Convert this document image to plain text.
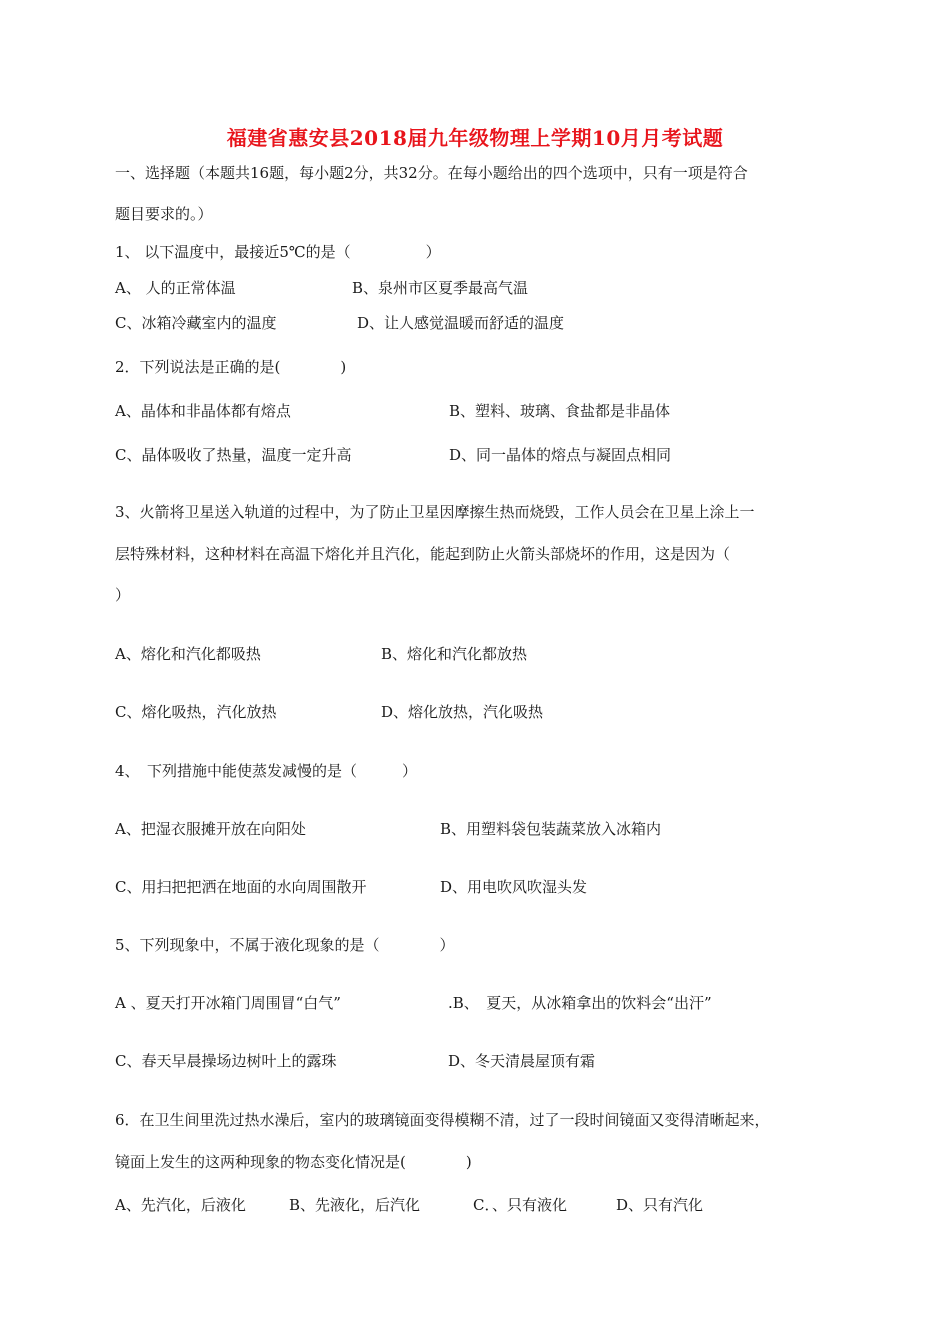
福建省惠安县2018届九年级物理上学期10月月考试题
一、选择题（本题共16题，每小题2分，共32分。在每小题给出的四个选项中，只有一项是符合
题目要求的。）
1、 以下温度中，最接近5℃的是（　　　　　）
A、 人的正常体温	B、泉州市区夏季最高气温
C、冰箱冷藏室内的温度	D、让人感觉温暖而舒适的温度
2．下列说法是正确的是(　　　　)
A、晶体和非晶体都有熔点	B、塑料、玻璃、食盐都是非晶体
C、晶体吸收了热量，温度一定升高	D、同一晶体的熔点与凝固点相同
3、火箭将卫星送入轨道的过程中，为了防止卫星因摩擦生热而烧毁，工作人员会在卫星上涂上一
层特殊材料，这种材料在高温下熔化并且汽化，能起到防止火箭头部烧坏的作用，这是因为（
）
A、熔化和汽化都吸热	B、熔化和汽化都放热
C、熔化吸热，汽化放热	D、熔化放热，汽化吸热
4、　下列措施中能使蒸发减慢的是（　　　）
A、把湿衣服摊开放在向阳处	B、用塑料袋包装蔬菜放入冰箱内
C、用扫把把洒在地面的水向周围散开	D、用电吹风吹湿头发
5、下列现象中，不属于液化现象的是（　　　　）
A 、夏天打开冰箱门周围冒“白气”	.B、　夏天，从冰箱拿出的饮料会“出汗”
C、春天早晨操场边树叶上的露珠	D、冬天清晨屋顶有霜
6．在卫生间里洗过热水澡后，室内的玻璃镜面变得模糊不清，过了一段时间镜面又变得清晰起来，
镜面上发生的这两种现象的物态变化情况是(　　　　)
A、先汽化，后液化	B、先液化，后汽化	C．、只有液化	D、只有汽化
